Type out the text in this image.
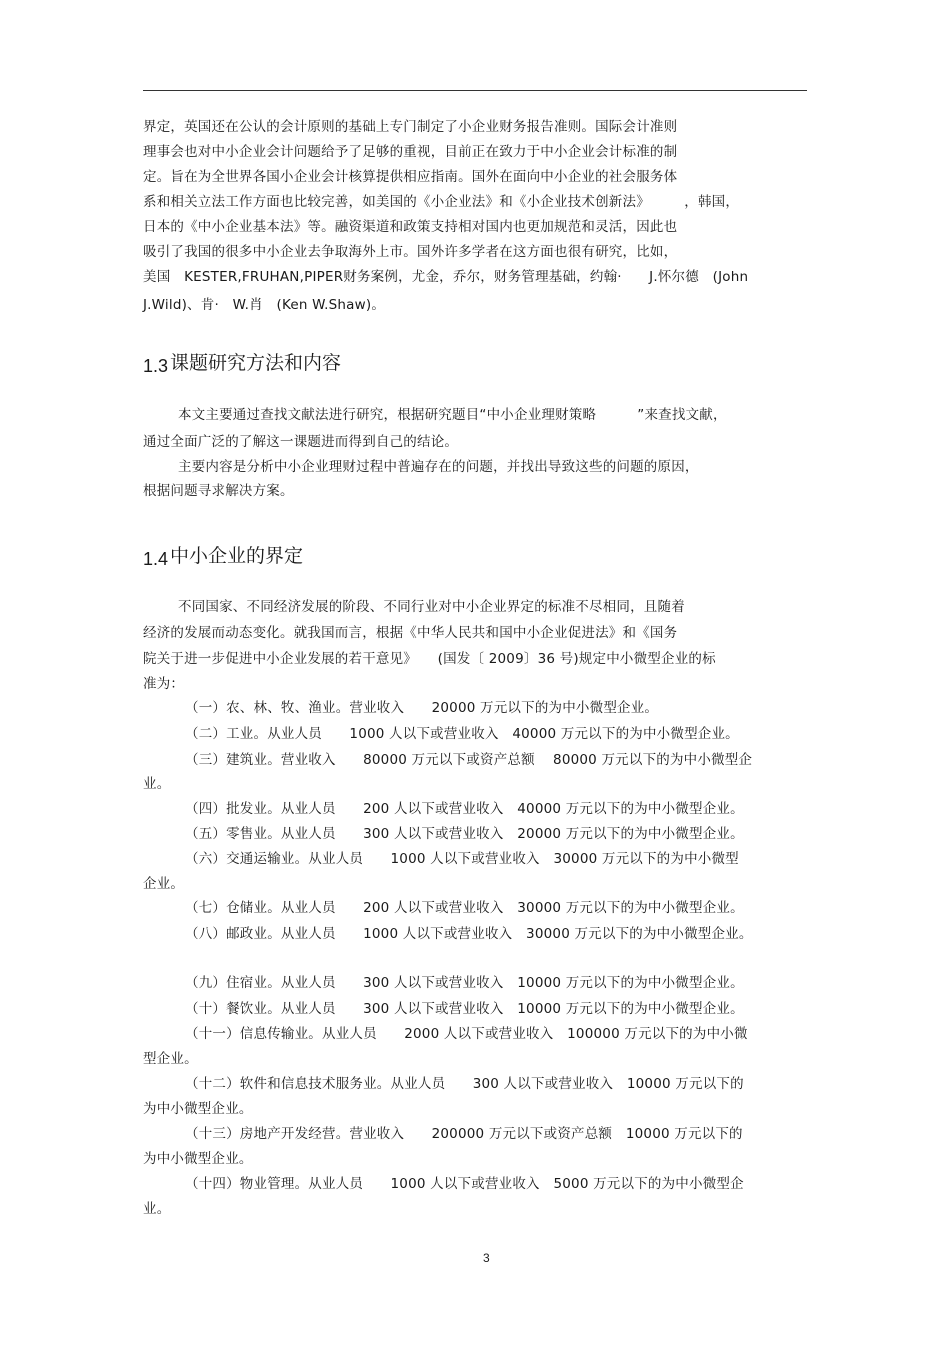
界定，英国还在公认的会计原则的基础上专门制定了小企业财务报告准则。国际会计准则
理事会也对中小企业会计问题给予了足够的重视，目前正在致力于中小企业会计标准的制
定。旨在为全世界各国小企业会计核算提供相应指南。国外在面向中小企业的社会服务体
系和相关立法工作方面也比较完善，如美国的《小企业法》和《小企业技术创新法》　　　，韩国，
日本的《中小企业基本法》等。融资渠道和政策支持相对国内也更加规范和灵活，因此也
吸引了我国的很多中小企业去争取海外上市。国外许多学者在这方面也很有研究，比如，
美国　KESTER,FRUHAN,PIPER财务案例，尤金，乔尔，财务管理基础，约翰·　　J.怀尔德　(John
J.Wild)、肯·　W.肖　(Ken W.Shaw)。
1.3 课题研究方法和内容
本文主要通过查找文献法进行研究，根据研究题目“中小企业理财策略　　　”来查找文献，
通过全面广泛的了解这一课题进而得到自己的结论。
主要内容是分析中小企业理财过程中普遍存在的问题，并找出导致这些的问题的原因，
根据问题寻求解决方案。
1.4 中小企业的界定
不同国家、不同经济发展的阶段、不同行业对中小企业界定的标准不尽相同，且随着
经济的发展而动态变化。就我国而言，根据《中华人民共和国中小企业促进法》和《国务
院关于进一步促进中小企业发展的若干意见》　　(国发〔 2009〕36 号)规定中小微型企业的标
准为：
（一）农、林、牧、渔业。营业收入　　20000 万元以下的为中小微型企业。
（二）工业。从业人员　　1000 人以下或营业收入　40000 万元以下的为中小微型企业。
（三）建筑业。营业收入　　80000 万元以下或资产总额　 80000 万元以下的为中小微型企
业。
（四）批发业。从业人员　　200 人以下或营业收入　40000 万元以下的为中小微型企业。
（五）零售业。从业人员　　300 人以下或营业收入　20000 万元以下的为中小微型企业。
（六）交通运输业。从业人员　　1000 人以下或营业收入　30000 万元以下的为中小微型
企业。
（七）仓储业。从业人员　　200 人以下或营业收入　30000 万元以下的为中小微型企业。
（八）邮政业。从业人员　　1000 人以下或营业收入　30000 万元以下的为中小微型企业。
（九）住宿业。从业人员　　300 人以下或营业收入　10000 万元以下的为中小微型企业。
（十）餐饮业。从业人员　　300 人以下或营业收入　10000 万元以下的为中小微型企业。
（十一）信息传输业。从业人员　　2000 人以下或营业收入　100000 万元以下的为中小微
型企业。
（十二）软件和信息技术服务业。从业人员　　300 人以下或营业收入　10000 万元以下的
为中小微型企业。
（十三）房地产开发经营。营业收入　　200000 万元以下或资产总额　10000 万元以下的
为中小微型企业。
（十四）物业管理。从业人员　　1000 人以下或营业收入　5000 万元以下的为中小微型企
业。
3
